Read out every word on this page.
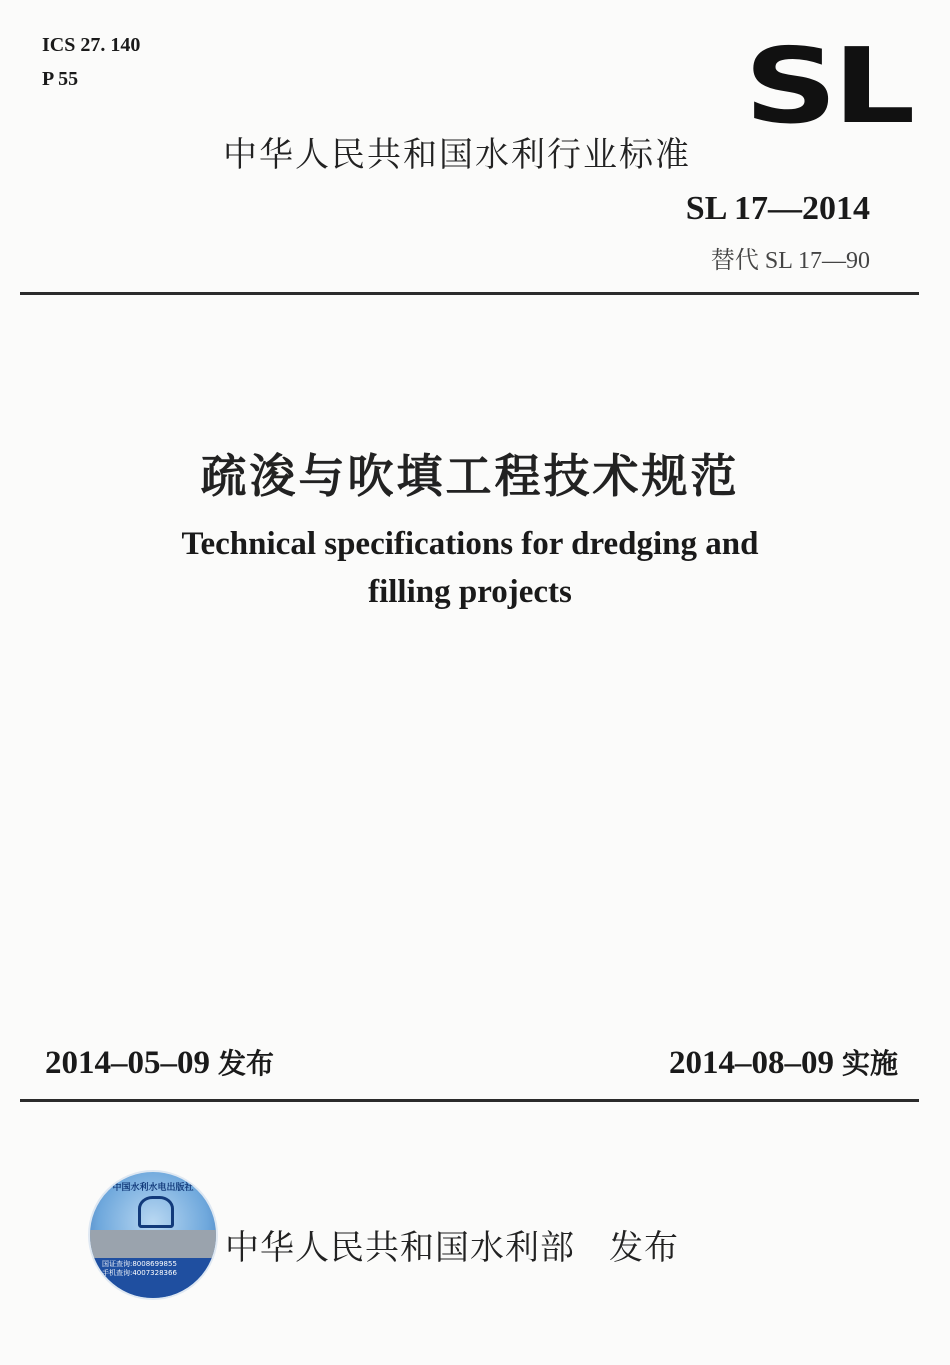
ICS 27. 140
P 55	SL
中华人民共和国水利行业标准
SL 17—2014
替代 SL 17—90
疏浚与吹填工程技术规范
Technical specifications for dredging and
filling projects
2014–05–09 发布	2014–08–09 实施
中国水利水电出版社
国证查询:8008699855
手机查询:4007328366
中华人民共和国水利部 发布
